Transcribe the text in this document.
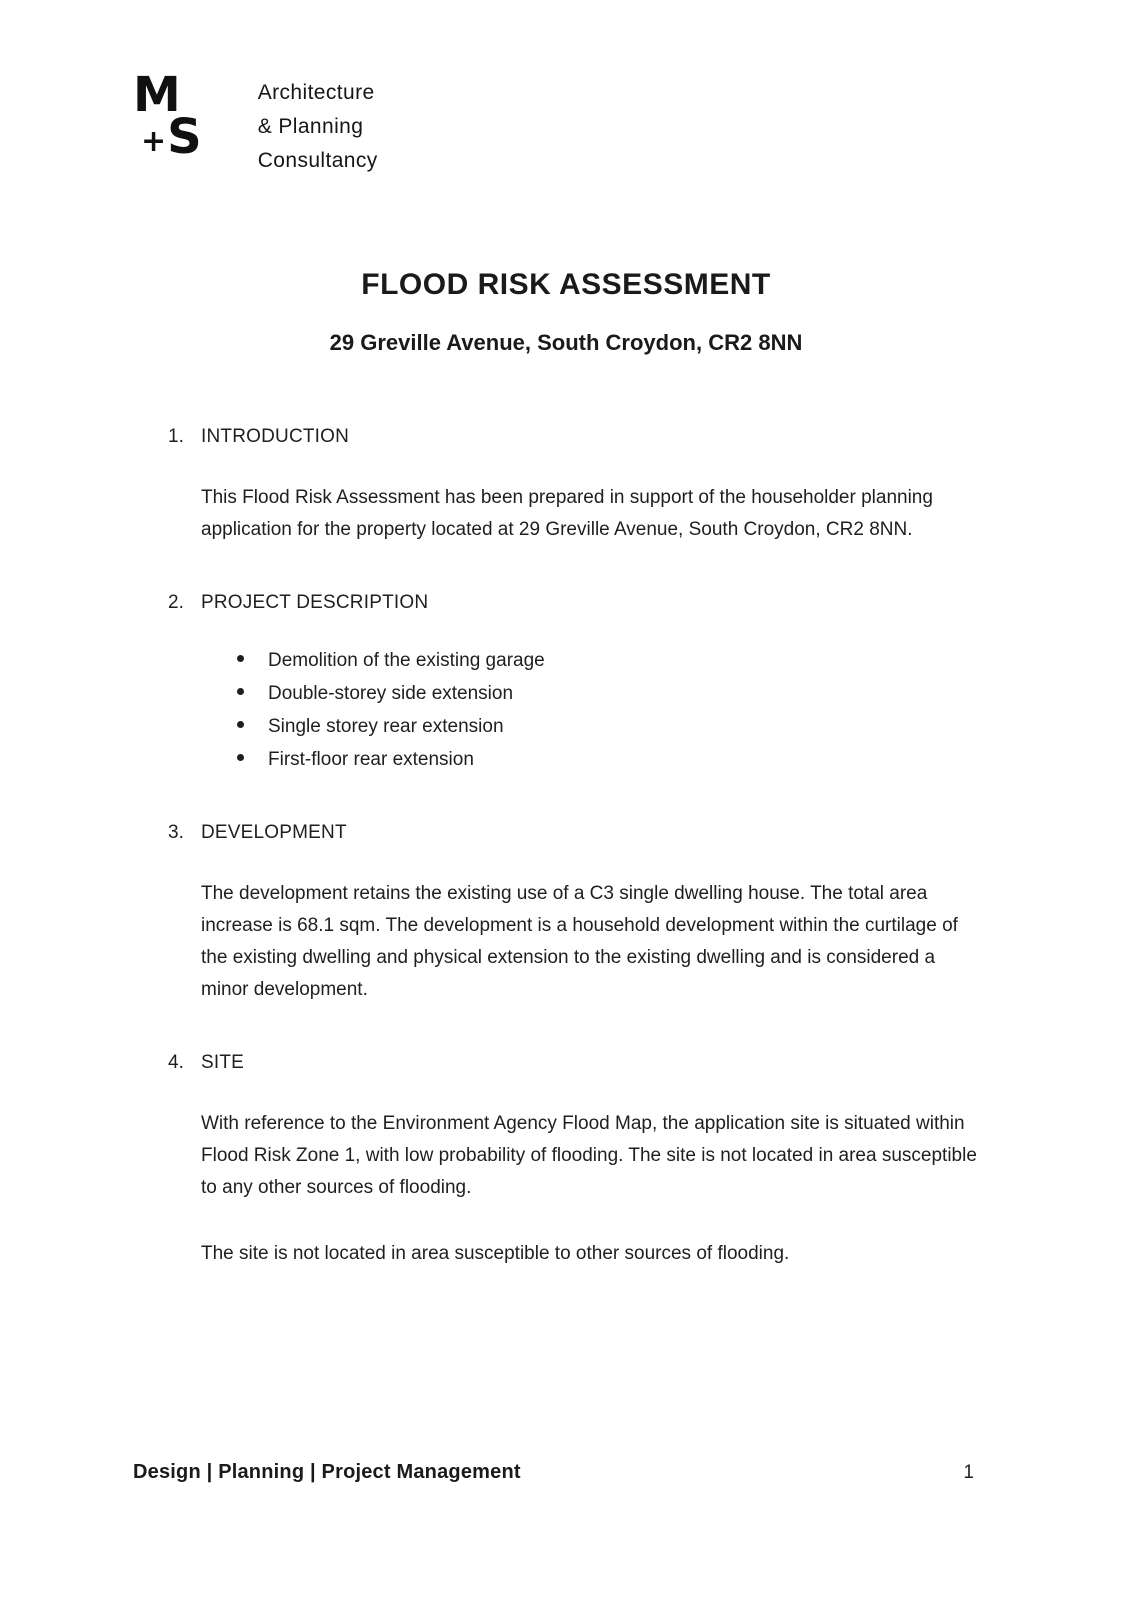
M
+ S
Architecture
& Planning
Consultancy
FLOOD RISK ASSESSMENT
29 Greville Avenue, South Croydon, CR2 8NN
1. INTRODUCTION

This Flood Risk Assessment has been prepared in support of the householder planning application for the property located at 29 Greville Avenue, South Croydon, CR2 8NN.

2. PROJECT DESCRIPTION
Demolition of the existing garage
Double-storey side extension
Single storey rear extension
First-floor rear extension
3. DEVELOPMENT

The development retains the existing use of a C3 single dwelling house. The total area increase is 68.1 sqm. The development is a household development within the curtilage of the existing dwelling and physical extension to the existing dwelling and is considered a minor development.

4. SITE

With reference to the Environment Agency Flood Map, the application site is situated within Flood Risk Zone 1, with low probability of flooding. The site is not located in area susceptible to any other sources of flooding.

The site is not located in area susceptible to other sources of flooding.

Design | Planning | Project Management	1
